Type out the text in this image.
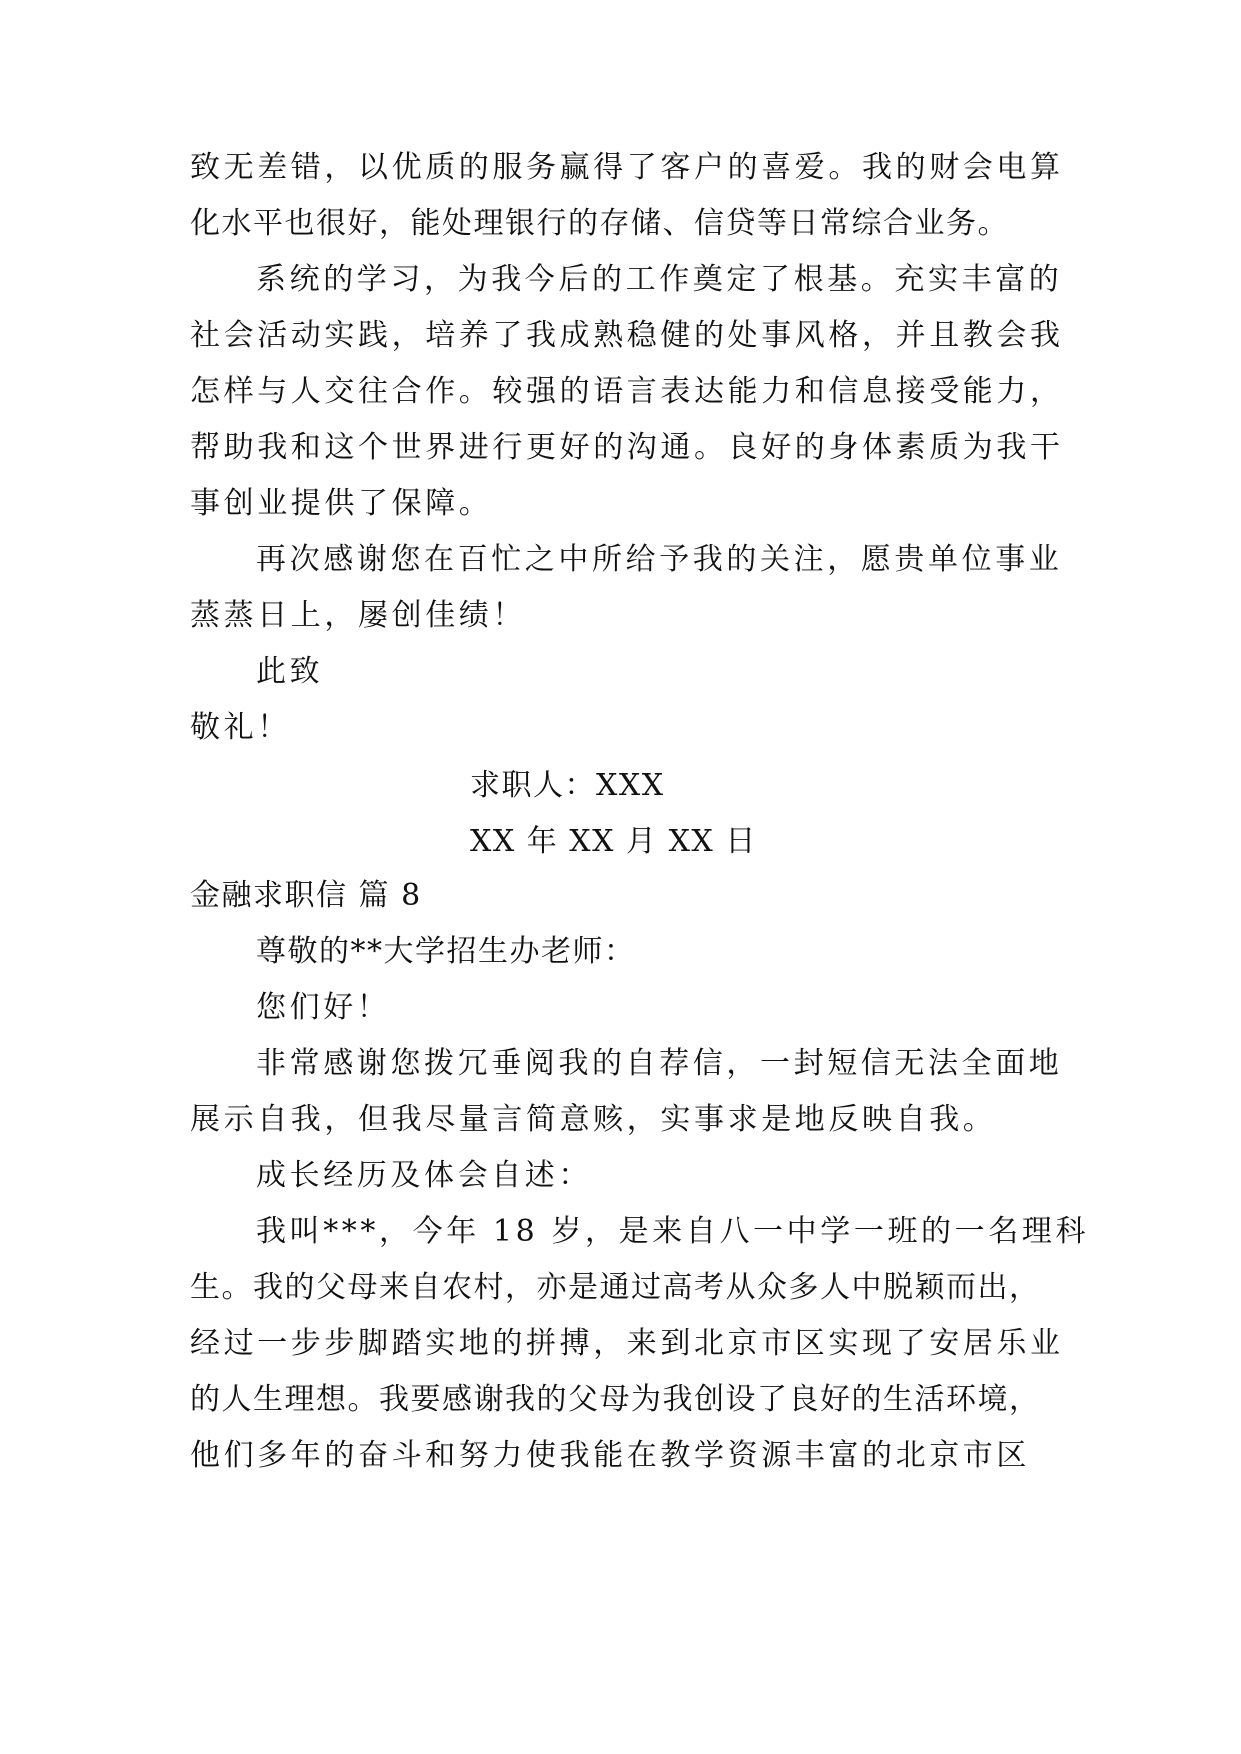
致无差错，以优质的服务赢得了客户的喜爱。我的财会电算
化水平也很好，能处理银行的存储、信贷等日常综合业务。
系统的学习，为我今后的工作奠定了根基。充实丰富的
社会活动实践，培养了我成熟稳健的处事风格，并且教会我
怎样与人交往合作。较强的语言表达能力和信息接受能力，
帮助我和这个世界进行更好的沟通。良好的身体素质为我干
事创业提供了保障。
再次感谢您在百忙之中所给予我的关注，愿贵单位事业
蒸蒸日上，屡创佳绩！
此致
敬礼！
求职人：XXX
XX 年 XX 月 XX 日
金融求职信 篇 8
尊敬的**大学招生办老师：
您们好！
非常感谢您拨冗垂阅我的自荐信，一封短信无法全面地
展示自我，但我尽量言简意赅，实事求是地反映自我。
成长经历及体会自述：
我叫***，今年 18 岁，是来自八一中学一班的一名理科
生。我的父母来自农村，亦是通过高考从众多人中脱颖而出，
经过一步步脚踏实地的拼搏，来到北京市区实现了安居乐业
的人生理想。我要感谢我的父母为我创设了良好的生活环境，
他们多年的奋斗和努力使我能在教学资源丰富的北京市区
